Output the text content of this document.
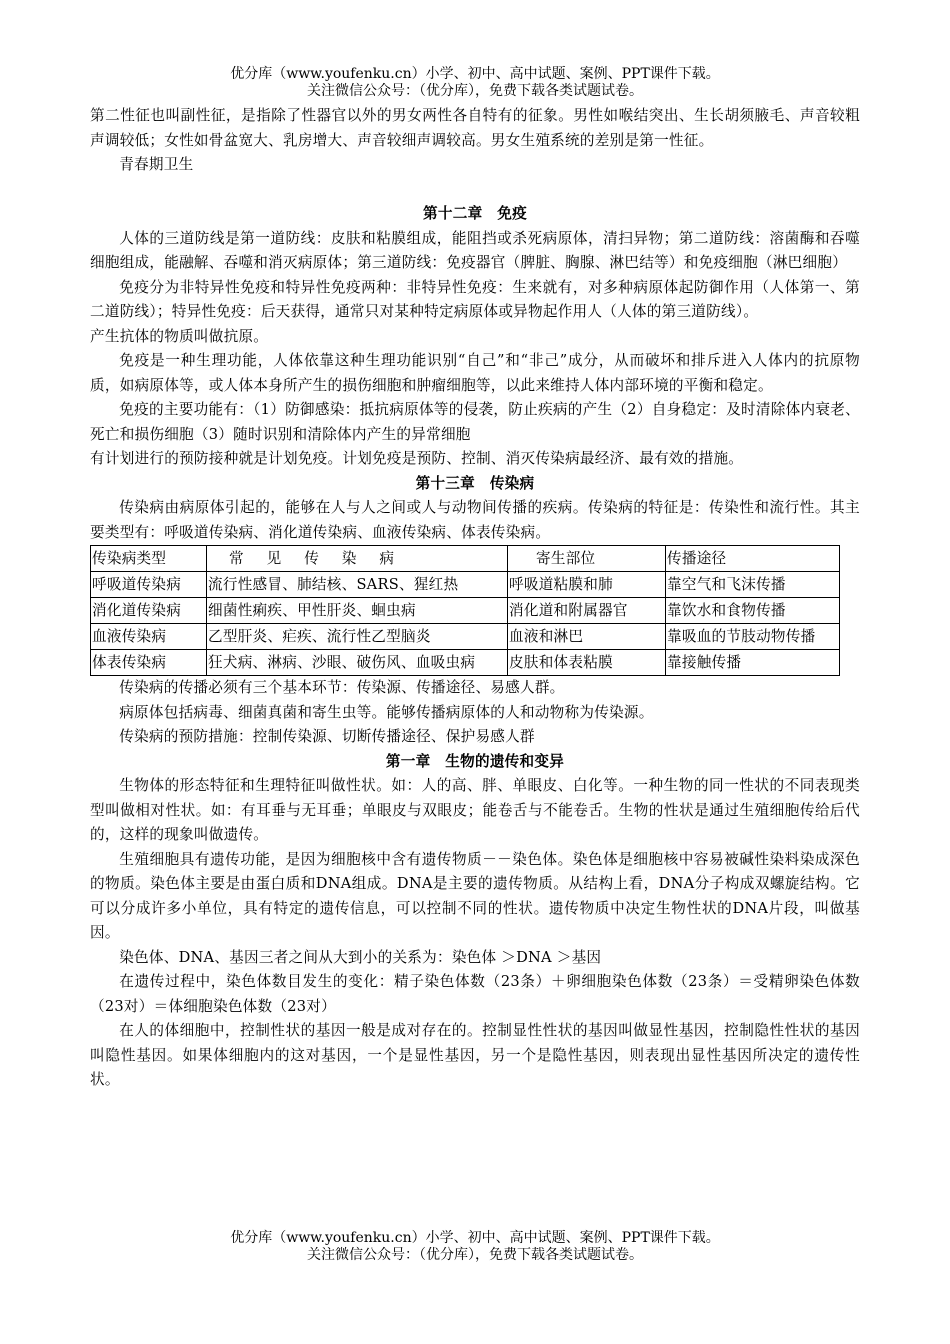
优分库（www.youfenku.cn）小学、初中、高中试题、案例、PPT课件下载。
关注微信公众号：（优分库），免费下载各类试题试卷。

第二性征也叫副性征，是指除了性器官以外的男女两性各自特有的征象。男性如喉结突出、生长胡须腋毛、声音较粗声调较低；女性如骨盆宽大、乳房增大、声音较细声调较高。男女生殖系统的差别是第一性征。

青春期卫生

第十二章　免疫

人体的三道防线是第一道防线：皮肤和粘膜组成，能阻挡或杀死病原体，清扫异物；第二道防线：溶菌酶和吞噬细胞组成，能融解、吞噬和消灭病原体；第三道防线：免疫器官（脾脏、胸腺、淋巴结等）和免疫细胞（淋巴细胞）

免疫分为非特异性免疫和特异性免疫两种：非特异性免疫：生来就有，对多种病原体起防御作用（人体第一、第二道防线）；特异性免疫：后天获得，通常只对某种特定病原体或异物起作用人（人体的第三道防线）。

产生抗体的物质叫做抗原。

免疫是一种生理功能，人体依靠这种生理功能识别“自己”和“非己”成分，从而破坏和排斥进入人体内的抗原物质，如病原体等，或人体本身所产生的损伤细胞和肿瘤细胞等，以此来维持人体内部环境的平衡和稳定。

免疫的主要功能有：（1）防御感染：抵抗病原体等的侵袭，防止疾病的产生（2）自身稳定：及时清除体内衰老、死亡和损伤细胞（3）随时识别和清除体内产生的异常细胞

有计划进行的预防接种就是计划免疫。计划免疫是预防、控制、消灭传染病最经济、最有效的措施。

第十三章　传染病

传染病由病原体引起的，能够在人与人之间或人与动物间传播的疾病。传染病的特征是：传染性和流行性。其主要类型有：呼吸道传染病、消化道传染病、血液传染病、体表传染病。

传染病类型	常见传染病	寄生部位	传播途径
呼吸道传染病	流行性感冒、肺结核、SARS、猩红热	呼吸道粘膜和肺	靠空气和飞沫传播
消化道传染病	细菌性痢疾、甲性肝炎、蛔虫病	消化道和附属器官	靠饮水和食物传播
血液传染病	乙型肝炎、疟疾、流行性乙型脑炎	血液和淋巴	靠吸血的节肢动物传播
体表传染病	狂犬病、淋病、沙眼、破伤风、血吸虫病	皮肤和体表粘膜	靠接触传播

传染病的传播必须有三个基本环节：传染源、传播途径、易感人群。

病原体包括病毒、细菌真菌和寄生虫等。能够传播病原体的人和动物称为传染源。

传染病的预防措施：控制传染源、切断传播途径、保护易感人群

第一章　生物的遗传和变异

生物体的形态特征和生理特征叫做性状。如：人的高、胖、单眼皮、白化等。一种生物的同一性状的不同表现类型叫做相对性状。如：有耳垂与无耳垂；单眼皮与双眼皮；能卷舌与不能卷舌。生物的性状是通过生殖细胞传给后代的，这样的现象叫做遗传。

生殖细胞具有遗传功能，是因为细胞核中含有遗传物质－－染色体。染色体是细胞核中容易被碱性染料染成深色的物质。染色体主要是由蛋白质和DNA组成。DNA是主要的遗传物质。从结构上看，DNA分子构成双螺旋结构。它可以分成许多小单位，具有特定的遗传信息，可以控制不同的性状。遗传物质中决定生物性状的DNA片段，叫做基因。

染色体、DNA、基因三者之间从大到小的关系为：染色体 ＞DNA ＞基因

在遗传过程中，染色体数目发生的变化：精子染色体数（23条）＋卵细胞染色体数（23条）＝受精卵染色体数（23对）＝体细胞染色体数（23对）

在人的体细胞中，控制性状的基因一般是成对存在的。控制显性性状的基因叫做显性基因，控制隐性性状的基因叫隐性基因。如果体细胞内的这对基因，一个是显性基因，另一个是隐性基因，则表现出显性基因所决定的遗传性状。

优分库（www.youfenku.cn）小学、初中、高中试题、案例、PPT课件下载。
关注微信公众号：（优分库），免费下载各类试题试卷。
